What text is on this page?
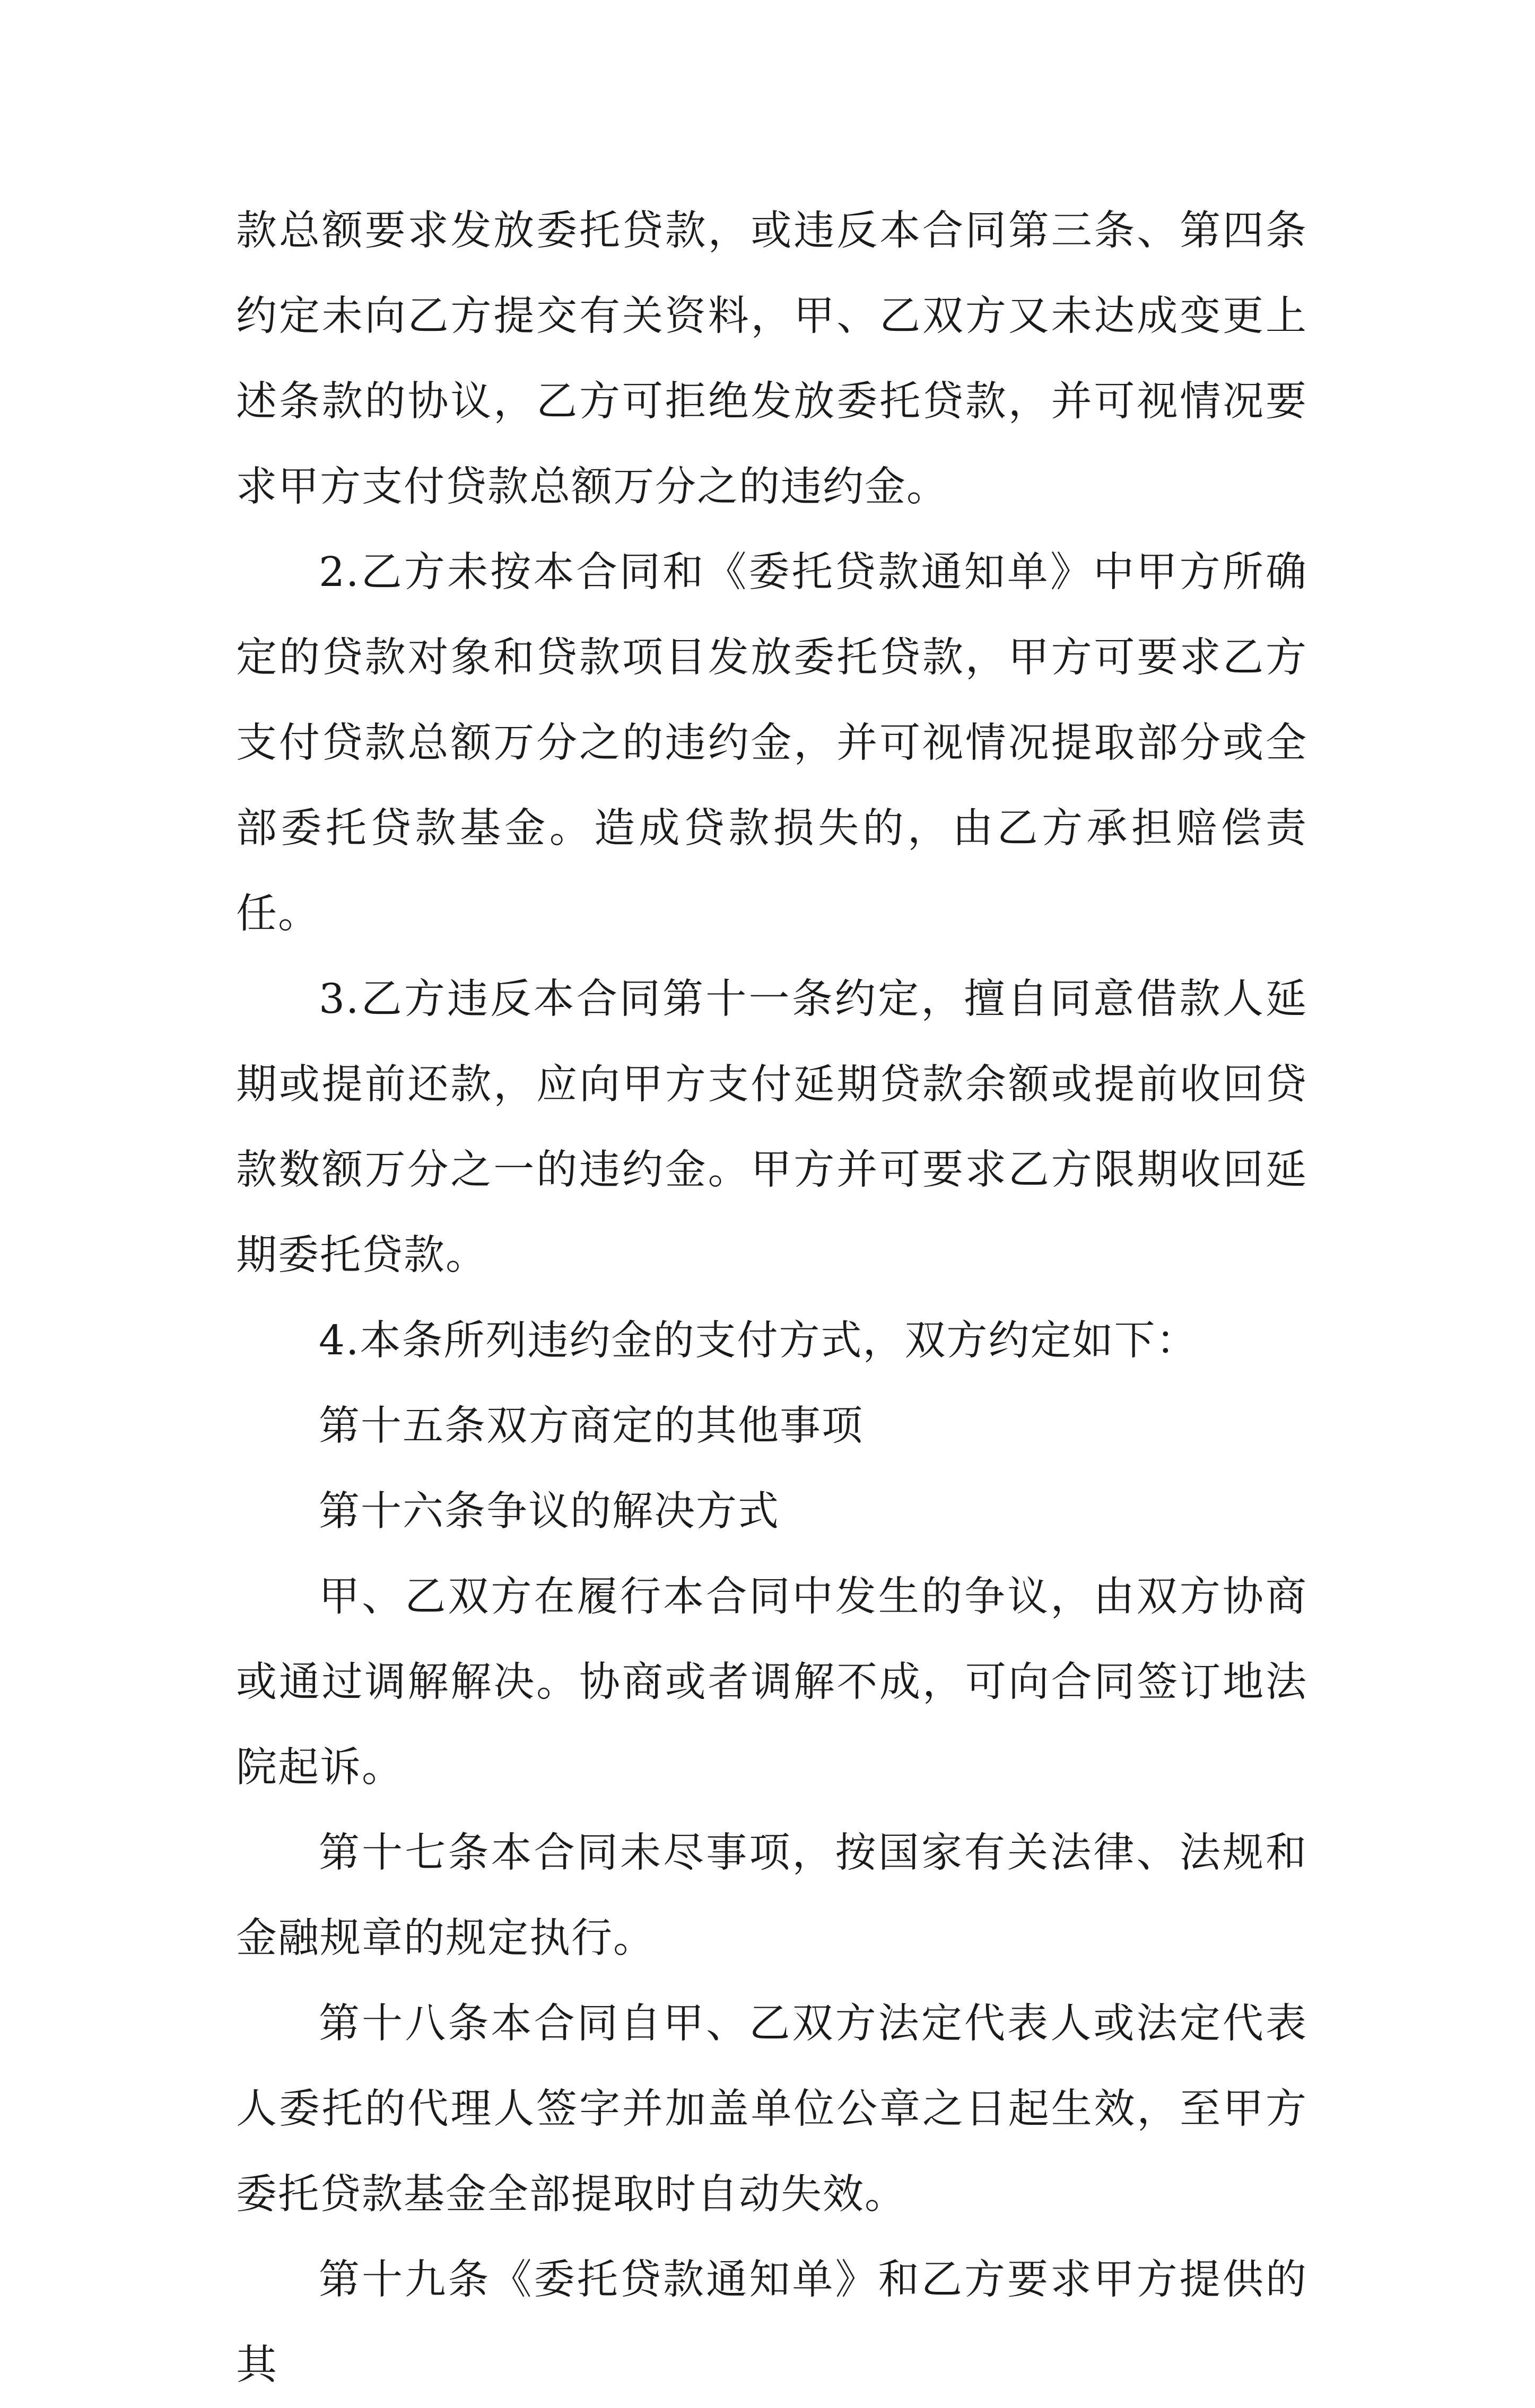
款总额要求发放委托贷款，或违反本合同第三条、第四条约定未向乙方提交有关资料，甲、乙双方又未达成变更上述条款的协议，乙方可拒绝发放委托贷款，并可视情况要求甲方支付贷款总额万分之的违约金。

2.乙方未按本合同和《委托贷款通知单》中甲方所确定的贷款对象和贷款项目发放委托贷款，甲方可要求乙方支付贷款总额万分之的违约金，并可视情况提取部分或全部委托贷款基金。造成贷款损失的，由乙方承担赔偿责任。

3.乙方违反本合同第十一条约定，擅自同意借款人延期或提前还款，应向甲方支付延期贷款余额或提前收回贷款数额万分之一的违约金。甲方并可要求乙方限期收回延期委托贷款。

4.本条所列违约金的支付方式，双方约定如下：

第十五条双方商定的其他事项

第十六条争议的解决方式

甲、乙双方在履行本合同中发生的争议，由双方协商或通过调解解决。协商或者调解不成，可向合同签订地法院起诉。

第十七条本合同未尽事项，按国家有关法律、法规和金融规章的规定执行。

第十八条本合同自甲、乙双方法定代表人或法定代表人委托的代理人签字并加盖单位公章之日起生效，至甲方委托贷款基金全部提取时自动失效。

第十九条《委托贷款通知单》和乙方要求甲方提供的其
